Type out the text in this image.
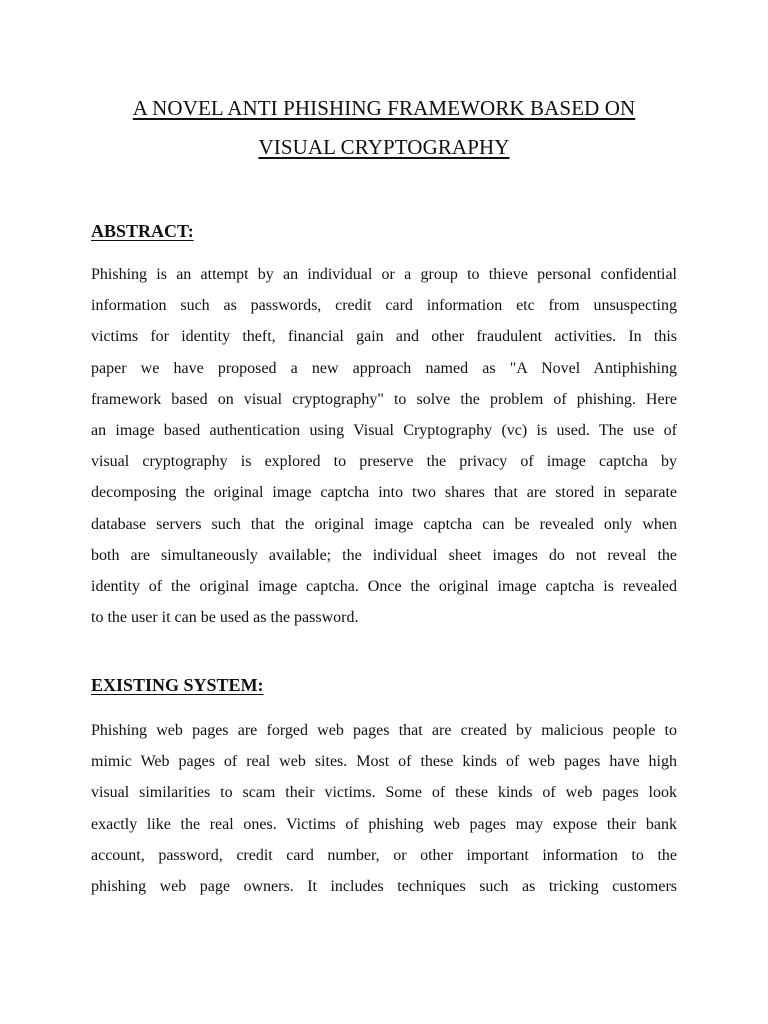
A NOVEL ANTI PHISHING FRAMEWORK BASED ON
VISUAL CRYPTOGRAPHY
ABSTRACT:

Phishing is an attempt by an individual or a group to thieve personal confidential
information such as passwords, credit card information etc from unsuspecting
victims for identity theft, financial gain and other fraudulent activities. In this
paper we have proposed a new approach named as "A Novel Antiphishing
framework based on visual cryptography" to solve the problem of phishing. Here
an image based authentication using Visual Cryptography (vc) is used. The use of
visual cryptography is explored to preserve the privacy of image captcha by
decomposing the original image captcha into two shares that are stored in separate
database servers such that the original image captcha can be revealed only when
both are simultaneously available; the individual sheet images do not reveal the
identity of the original image captcha. Once the original image captcha is revealed
to the user it can be used as the password.

EXISTING SYSTEM:

Phishing web pages are forged web pages that are created by malicious people to
mimic Web pages of real web sites. Most of these kinds of web pages have high
visual similarities to scam their victims. Some of these kinds of web pages look
exactly like the real ones. Victims of phishing web pages may expose their bank
account, password, credit card number, or other important information to the
phishing web page owners. It includes techniques such as tricking customers
